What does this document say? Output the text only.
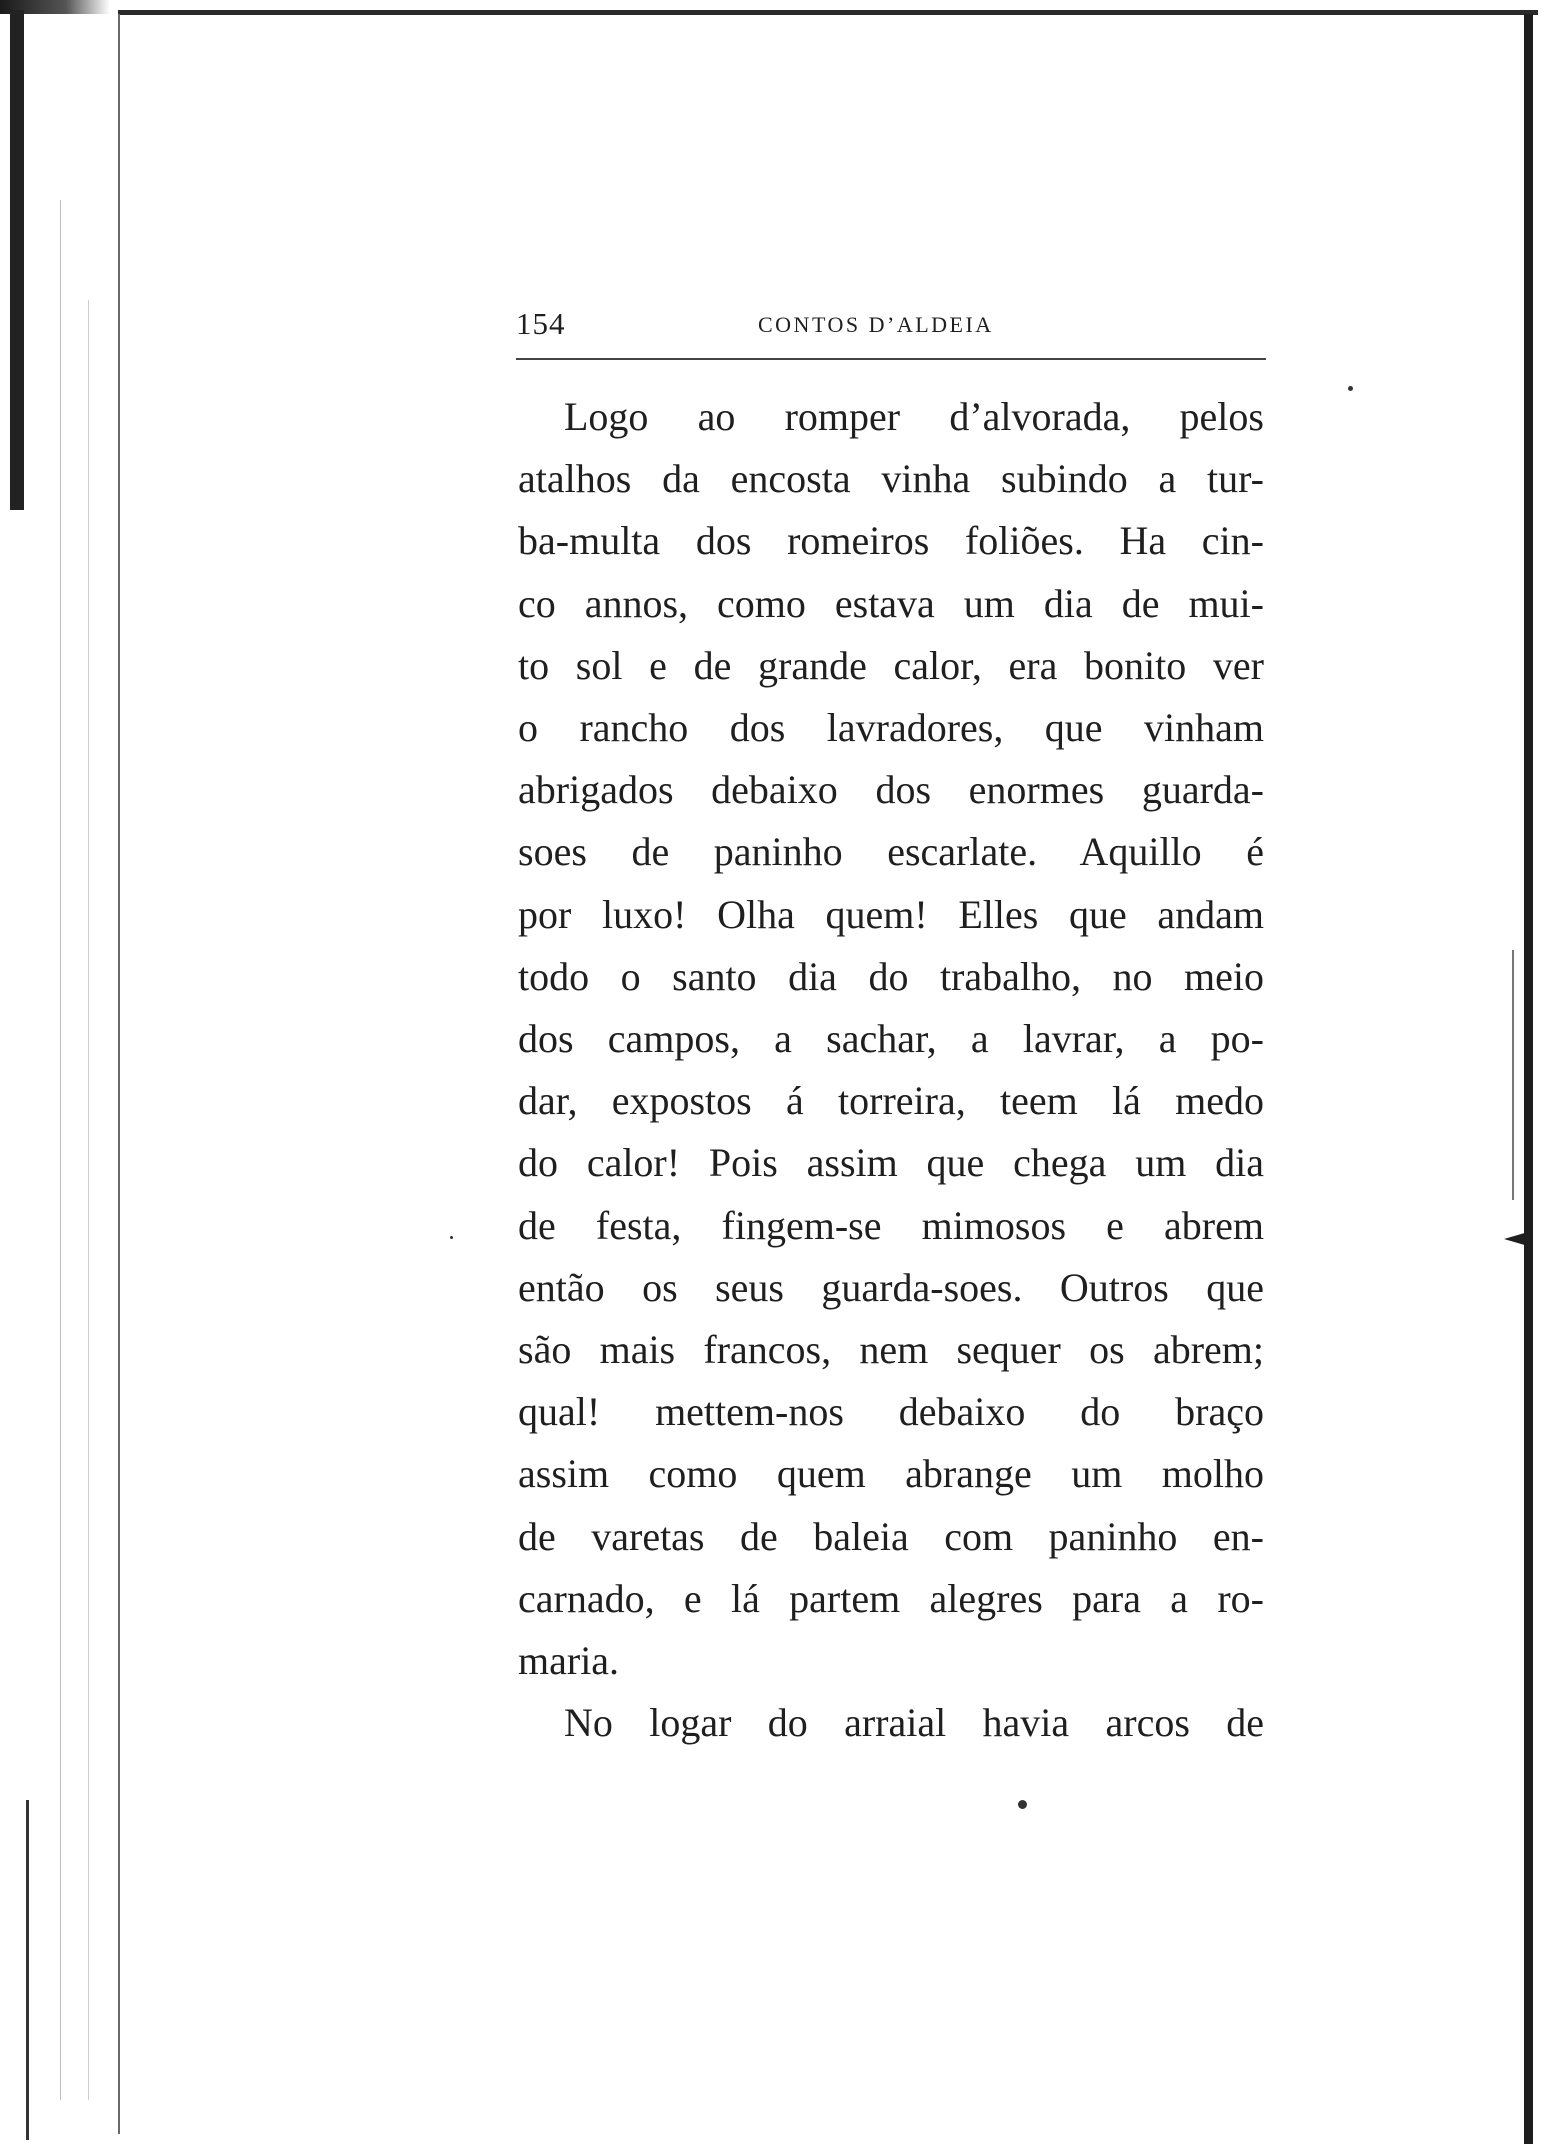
154	CONTOS D’ALDEIA

Logo ao romper d’alvorada, pelos
atalhos da encosta vinha subindo a tur-
ba-multa dos romeiros foliões. Ha cin-
co annos, como estava um dia de mui-
to sol e de grande calor, era bonito ver
o rancho dos lavradores, que vinham
abrigados debaixo dos enormes guarda-
soes de paninho escarlate. Aquillo é
por luxo! Olha quem! Elles que andam
todo o santo dia do trabalho, no meio
dos campos, a sachar, a lavrar, a po-
dar, expostos á torreira, teem lá medo
do calor! Pois assim que chega um dia
de festa, fingem-se mimosos e abrem
então os seus guarda-soes. Outros que
são mais francos, nem sequer os abrem;
qual! mettem-nos debaixo do braço
assim como quem abrange um molho
de varetas de baleia com paninho en-
carnado, e lá partem alegres para a ro-
maria.

No logar do arraial havia arcos de
